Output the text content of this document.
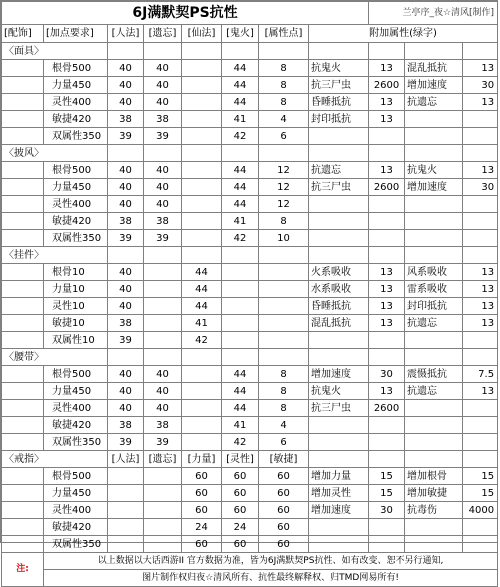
6J满默契PS抗性								兰亭序_夜☆清风[制作]		
[配饰]	[加点要求]	[人法]	[遗忘]	[仙法]	[鬼火]	[属性点]	附加属性(绿字)			
〈面具〉										
	根骨500	40	40		44	8	抗鬼火	13	混乱抵抗	13
	力量450	40	40		44	8	抗三尸虫	2600	增加速度	30
	灵性400	40	40		44	8	昏睡抵抗	13	抗遗忘	13
	敏捷420	38	38		41	4	封印抵抗	13		
	双属性350	39	39		42	6				
〈披风〉										
	根骨500	40	40		44	12	抗遗忘	13	抗鬼火	13
	力量450	40	40		44	12	抗三尸虫	2600	增加速度	30
	灵性400	40	40		44	12				
	敏捷420	38	38		41	8				
	双属性350	39	39		42	10				
〈挂件〉										
	根骨10	40		44			火系吸收	13	风系吸收	13
	力量10	40		44			水系吸收	13	雷系吸收	13
	灵性10	40		44			昏睡抵抗	13	封印抵抗	13
	敏捷10	38		41			混乱抵抗	13	抗遗忘	13
	双属性10	39		42						
〈腰带〉										
	根骨500	40	40		44	8	增加速度	30	震慑抵抗	7.5
	力量450	40	40		44	8	抗鬼火	13	抗遗忘	13
	灵性400	40	40		44	8	抗三尸虫	2600		
	敏捷420	38	38		41	4				
	双属性350	39	39		42	6				
〈戒指〉		[人法]	[遗忘]	[力量]	[灵性]	[敏捷]				
	根骨500			60	60	60	增加力量	15	增加根骨	15
	力量450			60	60	60	增加灵性	15	增加敏捷	15
	灵性400			60	60	60	增加速度	30	抗毒伤	4000
	敏捷420			24	24	60				
	双属性350			60	60	60				
注:	以上数据以大话西游II 官方数据为准，皆为6J满默契PS抗性、如有改变、恕不另行通知,									
	图片制作权归夜☆清风所有、抗性最终解释权、归TMD网易所有!									
